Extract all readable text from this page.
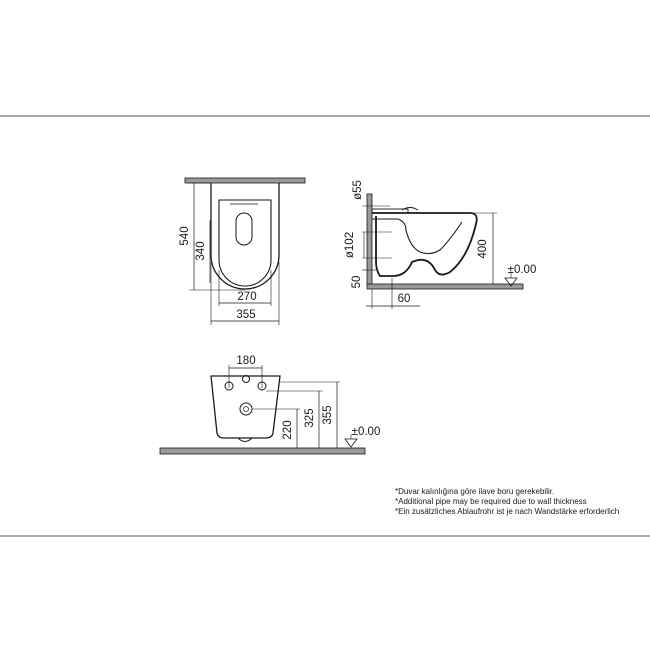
540
340
270
355
ø55
ø102
50
60
400
±0.00
180
220
325 355
±0.00
*Duvar kalınlığına göre ilave boru gerekebilir.
*Additional pipe may be required due to wall thickness
*Ein zusätzliches Ablaufrohr ist je nach Wandstärke erforderlich
